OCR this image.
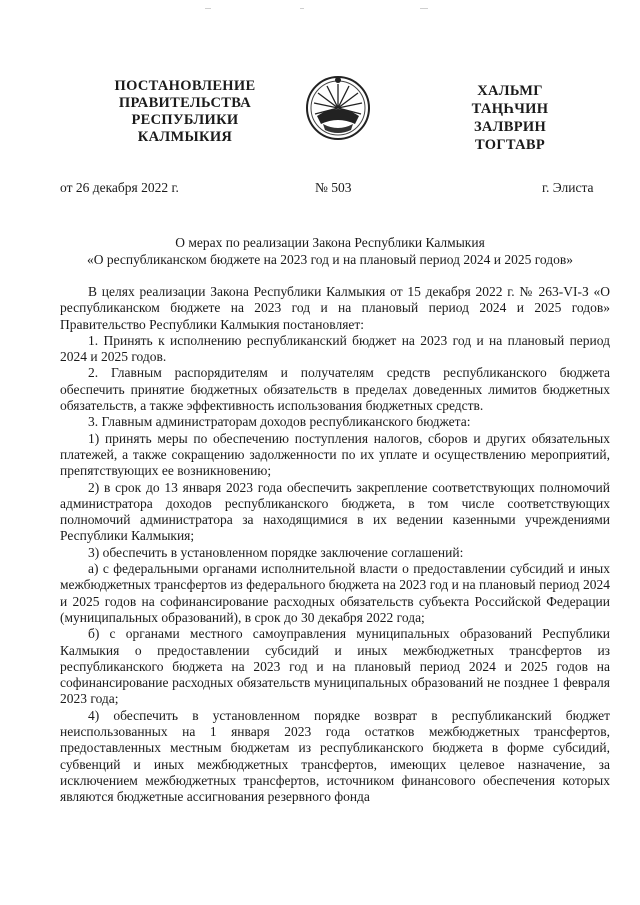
ПОСТАНОВЛЕНИЕ
ПРАВИТЕЛЬСТВА
РЕСПУБЛИКИ
КАЛМЫКИЯ
ХАЛЬМГ
ТАҢҺЧИН
ЗАЛВРИН
ТОГТАВР
от 26 декабря 2022 г.	№ 503	г. Элиста
О мерах по реализации Закона Республики Калмыкия
«О республиканском бюджете на 2023 год и на плановый период 2024 и 2025 годов»

В целях реализации Закона Республики Калмыкия от 15 декабря 2022 г. № 263-VI-З «О республиканском бюджете на 2023 год и на плановый период 2024 и 2025 годов» Правительство Республики Калмыкия постановляет:

1. Принять к исполнению республиканский бюджет на 2023 год и на плановый период 2024 и 2025 годов.

2. Главным распорядителям и получателям средств республиканского бюджета обеспечить принятие бюджетных обязательств в пределах доведенных лимитов бюджетных обязательств, а также эффективность использования бюджетных средств.

3. Главным администраторам доходов республиканского бюджета:

1) принять меры по обеспечению поступления налогов, сборов и других обязательных платежей, а также сокращению задолженности по их уплате и осуществлению мероприятий, препятствующих ее возникновению;

2) в срок до 13 января 2023 года обеспечить закрепление соответствующих полномочий администратора доходов республиканского бюджета, в том числе соответствующих полномочий администратора за находящимися в их ведении казенными учреждениями Республики Калмыкия;

3) обеспечить в установленном порядке заключение соглашений:

а) с федеральными органами исполнительной власти о предоставлении субсидий и иных межбюджетных трансфертов из федерального бюджета на 2023 год и на плановый период 2024 и 2025 годов на софинансирование расходных обязательств субъекта Российской Федерации (муниципальных образований), в срок до 30 декабря 2022 года;

б) с органами местного самоуправления муниципальных образований Республики Калмыкия о предоставлении субсидий и иных межбюджетных трансфертов из республиканского бюджета на 2023 год и на плановый период 2024 и 2025 годов на софинансирование расходных обязательств муниципальных образований не позднее 1 февраля 2023 года;

4) обеспечить в установленном порядке возврат в республиканский бюджет неиспользованных на 1 января 2023 года остатков межбюджетных трансфертов, предоставленных местным бюджетам из республиканского бюджета в форме субсидий, субвенций и иных межбюджетных трансфертов, имеющих целевое назначение, за исключением межбюджетных трансфертов, источником финансового обеспечения которых являются бюджетные ассигнования резервного фонда
